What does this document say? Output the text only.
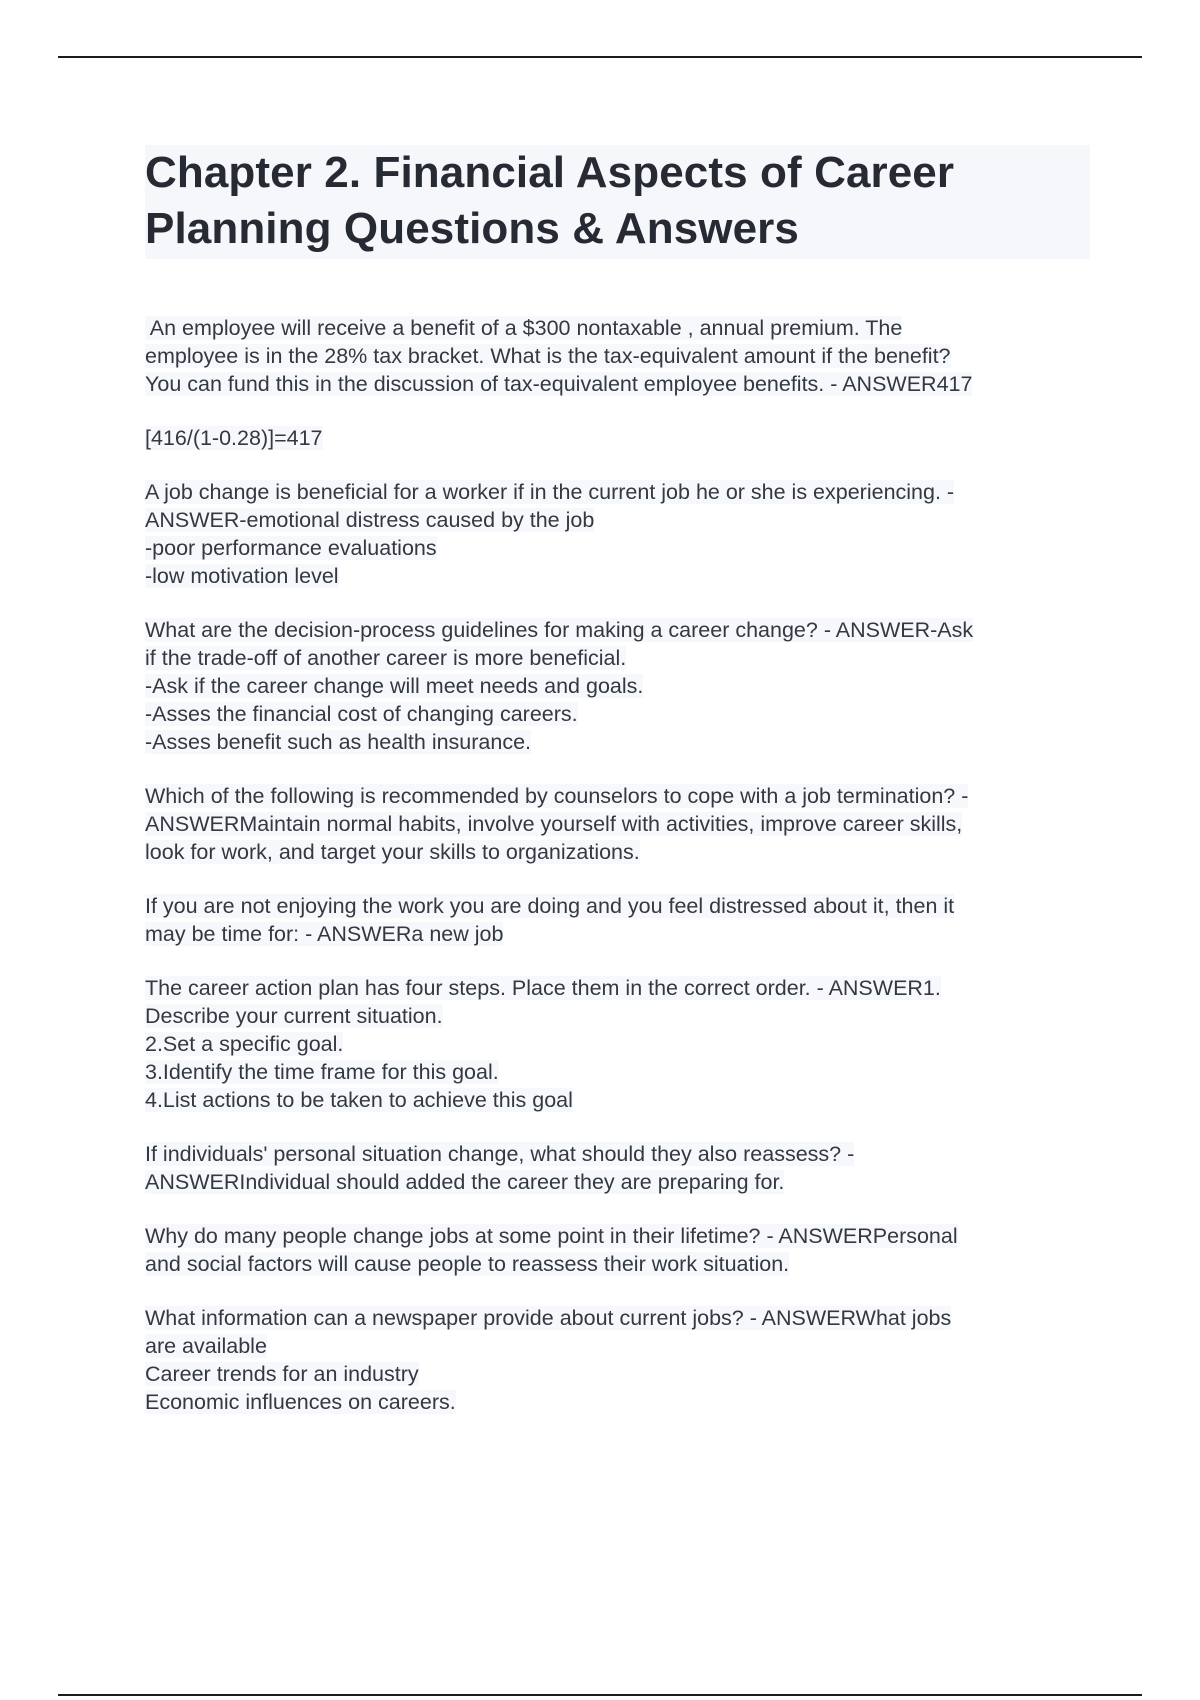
Chapter 2. Financial Aspects of Career
Planning Questions & Answers
An employee will receive a benefit of a $300 nontaxable , annual premium. The
employee is in the 28% tax bracket. What is the tax-equivalent amount if the benefit?
You can fund this in the discussion of tax-equivalent employee benefits. - ANSWER417
[416/(1-0.28)]=417
A job change is beneficial for a worker if in the current job he or she is experiencing. -
ANSWER-emotional distress caused by the job
-poor performance evaluations
-low motivation level
What are the decision-process guidelines for making a career change? - ANSWER-Ask
if the trade-off of another career is more beneficial.
-Ask if the career change will meet needs and goals.
-Asses the financial cost of changing careers.
-Asses benefit such as health insurance.
Which of the following is recommended by counselors to cope with a job termination? -
ANSWERMaintain normal habits, involve yourself with activities, improve career skills,
look for work, and target your skills to organizations.
If you are not enjoying the work you are doing and you feel distressed about it, then it
may be time for: - ANSWERa new job
The career action plan has four steps. Place them in the correct order. - ANSWER1.
Describe your current situation.
2.Set a specific goal.
3.Identify the time frame for this goal.
4.List actions to be taken to achieve this goal
If individuals' personal situation change, what should they also reassess? -
ANSWERIndividual should added the career they are preparing for.
Why do many people change jobs at some point in their lifetime? - ANSWERPersonal
and social factors will cause people to reassess their work situation.
What information can a newspaper provide about current jobs? - ANSWERWhat jobs
are available
Career trends for an industry
Economic influences on careers.
